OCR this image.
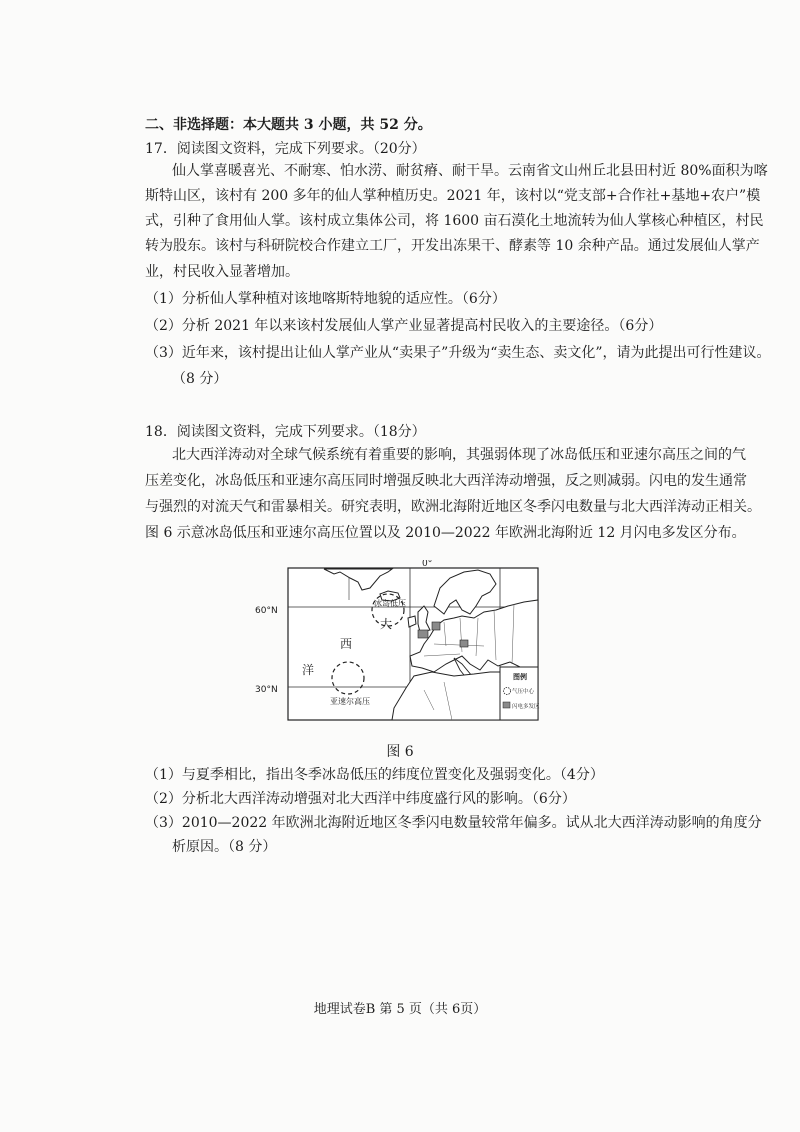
二、非选择题：本大题共 3 小题，共 52 分。
17．阅读图文资料，完成下列要求。（20分）
仙人掌喜暖喜光、不耐寒、怕水涝、耐贫瘠、耐干旱。云南省文山州丘北县田村近 80%面积为喀
斯特山区，该村有 200 多年的仙人掌种植历史。2021 年，该村以“党支部+合作社+基地+农户”模
式，引种了食用仙人掌。该村成立集体公司，将 1600 亩石漠化土地流转为仙人掌核心种植区，村民
转为股东。该村与科研院校合作建立工厂，开发出冻果干、酵素等 10 余种产品。通过发展仙人掌产
业，村民收入显著增加。
（1）分析仙人掌种植对该地喀斯特地貌的适应性。（6分）
（2）分析 2021 年以来该村发展仙人掌产业显著提高村民收入的主要途径。（6分）
（3）近年来，该村提出让仙人掌产业从“卖果子”升级为“卖生态、卖文化”，请为此提出可行性建议。
（8 分）
18．阅读图文资料，完成下列要求。（18分）
北大西洋涛动对全球气候系统有着重要的影响，其强弱体现了冰岛低压和亚速尔高压之间的气
压差变化，冰岛低压和亚速尔高压同时增强反映北大西洋涛动增强，反之则减弱。闪电的发生通常
与强烈的对流天气和雷暴相关。研究表明，欧洲北海附近地区冬季闪电数量与北大西洋涛动正相关。
图 6 示意冰岛低压和亚速尔高压位置以及 2010—2022 年欧洲北海附近 12 月闪电多发区分布。
0°
冰岛低压
亚速尔高压
大
西
洋	图例
气压中心
闪电多发区
60°N
30°N
图 6
（1）与夏季相比，指出冬季冰岛低压的纬度位置变化及强弱变化。（4分）
（2）分析北大西洋涛动增强对北大西洋中纬度盛行风的影响。（6分）
（3）2010—2022 年欧洲北海附近地区冬季闪电数量较常年偏多。试从北大西洋涛动影响的角度分
析原因。（8 分）
地理试卷B 第 5 页（共 6页）
